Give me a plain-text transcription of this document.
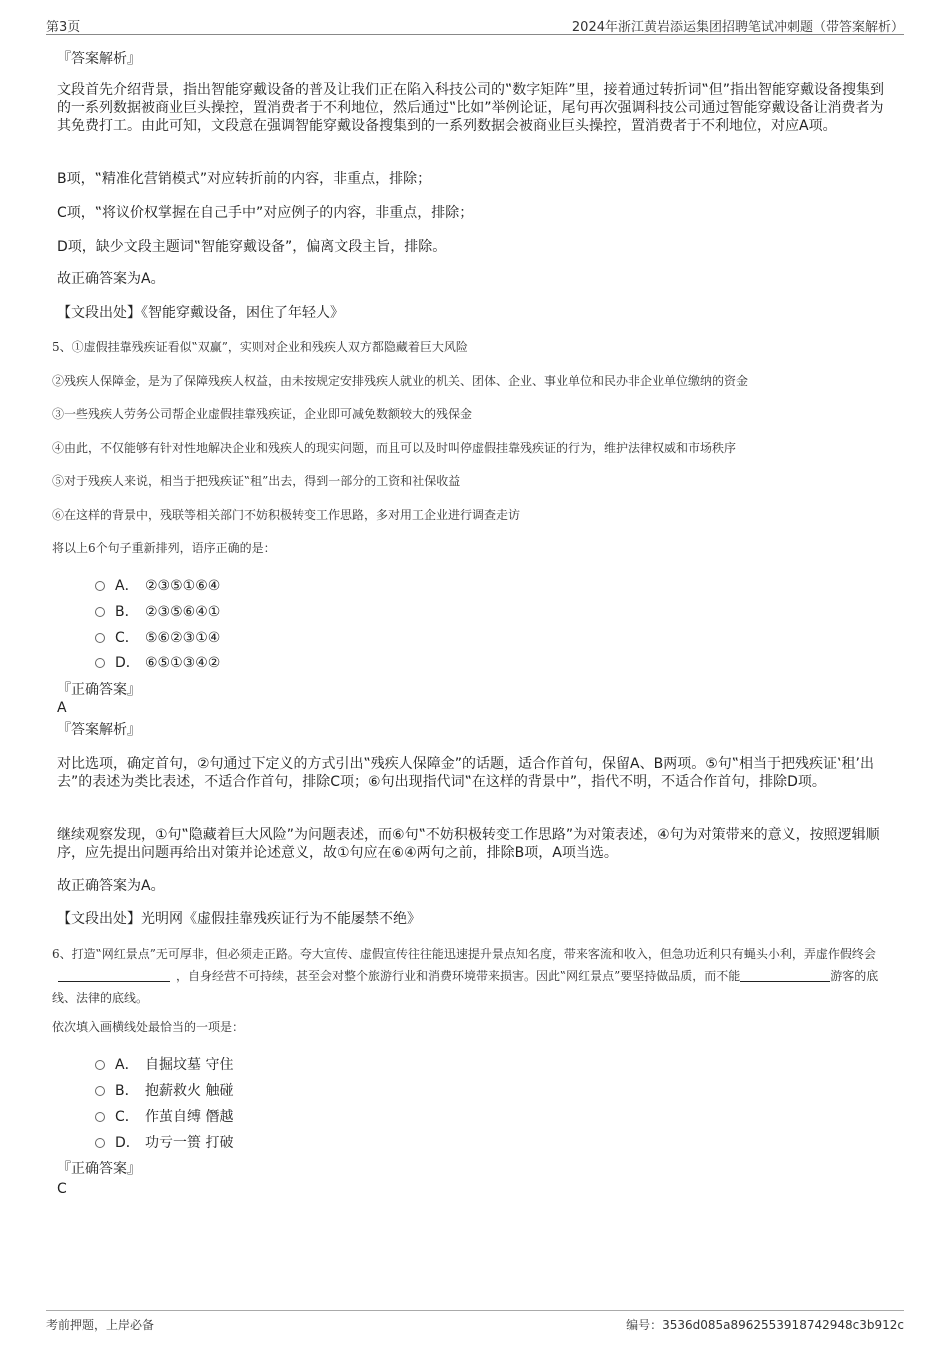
第3页	2024年浙江黄岩添运集团招聘笔试冲刺题（带答案解析）
『答案解析』
文段首先介绍背景，指出智能穿戴设备的普及让我们正在陷入科技公司的‟数字矩阵”里，接着通过转折词‟但”指出智能穿戴设备搜集到的一系列数据被商业巨头操控，置消费者于不利地位，然后通过‟比如”举例论证，尾句再次强调科技公司通过智能穿戴设备让消费者为其免费打工。由此可知，文段意在强调智能穿戴设备搜集到的一系列数据会被商业巨头操控，置消费者于不利地位，对应A项。
B项，‟精准化营销模式”对应转折前的内容，非重点，排除；
C项，‟将议价权掌握在自己手中”对应例子的内容，非重点，排除；
D项，缺少文段主题词‟智能穿戴设备”，偏离文段主旨，排除。
故正确答案为A。
【文段出处】《智能穿戴设备，困住了年轻人》
5、①虚假挂靠残疾证看似‟双赢”，实则对企业和残疾人双方都隐藏着巨大风险
②残疾人保障金，是为了保障残疾人权益，由未按规定安排残疾人就业的机关、团体、企业、事业单位和民办非企业单位缴纳的资金
③一些残疾人劳务公司帮企业虚假挂靠残疾证，企业即可减免数额较大的残保金
④由此，不仅能够有针对性地解决企业和残疾人的现实问题，而且可以及时叫停虚假挂靠残疾证的行为，维护法律权威和市场秩序
⑤对于残疾人来说，相当于把残疾证‟租”出去，得到一部分的工资和社保收益
⑥在这样的背景中，残联等相关部门不妨积极转变工作思路，多对用工企业进行调查走访
将以上6个句子重新排列，语序正确的是：
A． ②③⑤①⑥④
B． ②③⑤⑥④①
C． ⑤⑥②③①④
D． ⑥⑤①③④②
『正确答案』
A
『答案解析』
对比选项，确定首句，②句通过下定义的方式引出‟残疾人保障金”的话题，适合作首句，保留A、B两项。⑤句‟相当于把残疾证‛租’出去”的表述为类比表述，不适合作首句，排除C项；⑥句出现指代词‟在这样的背景中”，指代不明，不适合作首句，排除D项。
继续观察发现，①句‟隐藏着巨大风险”为问题表述，而⑥句‟不妨积极转变工作思路”为对策表述，④句为对策带来的意义，按照逻辑顺序，应先提出问题再给出对策并论述意义，故①句应在⑥④两句之前，排除B项，A项当选。
故正确答案为A。
【文段出处】光明网《虚假挂靠残疾证行为不能屡禁不绝》
6、打造‟网红景点”无可厚非，但必须走正路。夸大宣传、虚假宣传往往能迅速提升景点知名度，带来客流和收入，但急功近利只有蝇头小利，弄虚作假终会，自身经营不可持续，甚至会对整个旅游行业和消费环境带来损害。因此‟网红景点”要坚持做品质，而不能	游客的底线、法律的底线。
依次填入画横线处最恰当的一项是：
A． 自掘坟墓 守住
B． 抱薪救火 触碰
C． 作茧自缚 僭越
D． 功亏一篑 打破
『正确答案』
C
考前押题，上岸必备	编号：3536d085a8962553918742948c3b912c
